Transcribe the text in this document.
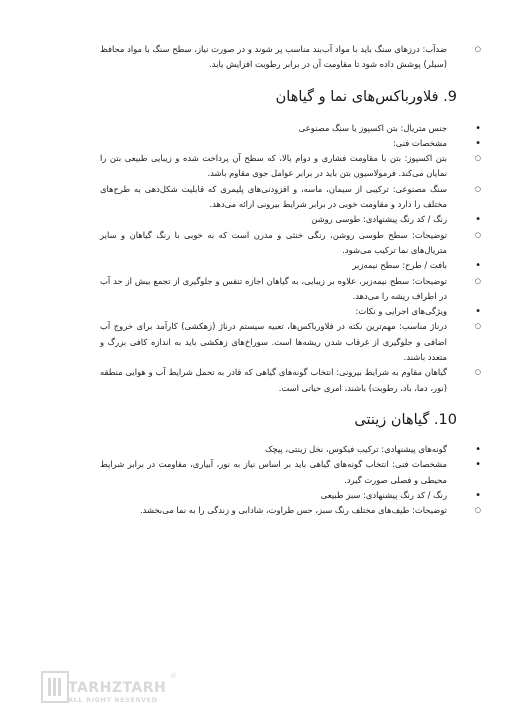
○
ضدآب: درزهای سنگ باید با مواد آب‌بند مناسب پر شوند و در صورت نیاز، سطح سنگ با مواد محافظ (سیلر) پوشش داده شود تا مقاومت آن در برابر رطوبت افزایش یابد.
9. فلاورباکس‌های نما و گیاهان
•
جنس متریال: بتن اکسپوز یا سنگ مصنوعی
•
مشخصات فنی:
○
بتن اکسپوز: بتن با مقاومت فشاری و دوام بالا، که سطح آن پرداخت شده و زیبایی طبیعی بتن را نمایان می‌کند. فرمولاسیون بتن باید در برابر عوامل جوی مقاوم باشد.
○
سنگ مصنوعی: ترکیبی از سیمان، ماسه، و افزودنی‌های پلیمری که قابلیت شکل‌دهی به طرح‌های مختلف را دارد و مقاومت خوبی در برابر شرایط بیرونی ارائه می‌دهد.
•
رنگ / کد رنگ پیشنهادی: طوسی روشن
○
توضیحات: سطح طوسی روشن، رنگی خنثی و مدرن است که به خوبی با رنگ گیاهان و سایر متریال‌های نما ترکیب می‌شود.
•
بافت / طرح: سطح نیمه‌زبر
○
توضیحات: سطح نیمه‌زبر، علاوه بر زیبایی، به گیاهان اجازه تنفس و جلوگیری از تجمع بیش از حد آب در اطراف ریشه را می‌دهد.
•
ویژگی‌های اجرایی و نکات:
○
درناژ مناسب: مهم‌ترین نکته در فلاورباکس‌ها، تعبیه سیستم درناژ (زهکشی) کارآمد برای خروج آب اضافی و جلوگیری از غرقاب شدن ریشه‌ها است. سوراخ‌های زهکشی باید به اندازه کافی بزرگ و متعدد باشند.
○
گیاهان مقاوم به شرایط بیرونی: انتخاب گونه‌های گیاهی که قادر به تحمل شرایط آب و هوایی منطقه (نور، دما، باد، رطوبت) باشند، امری حیاتی است.
10. گیاهان زینتی
•
گونه‌های پیشنهادی: ترکیب فیکوس، نخل زینتی، پیچک
•
مشخصات فنی: انتخاب گونه‌های گیاهی باید بر اساس نیاز به نور، آبیاری، مقاومت در برابر شرایط محیطی و فصلی صورت گیرد.
•
رنگ / کد رنگ پیشنهادی: سبز طبیعی
○
توضیحات: طیف‌های مختلف رنگ سبز، حس طراوت، شادابی و زندگی را به نما می‌بخشد.
TARHZTARH
ALL RIGHT RESERVED
®
